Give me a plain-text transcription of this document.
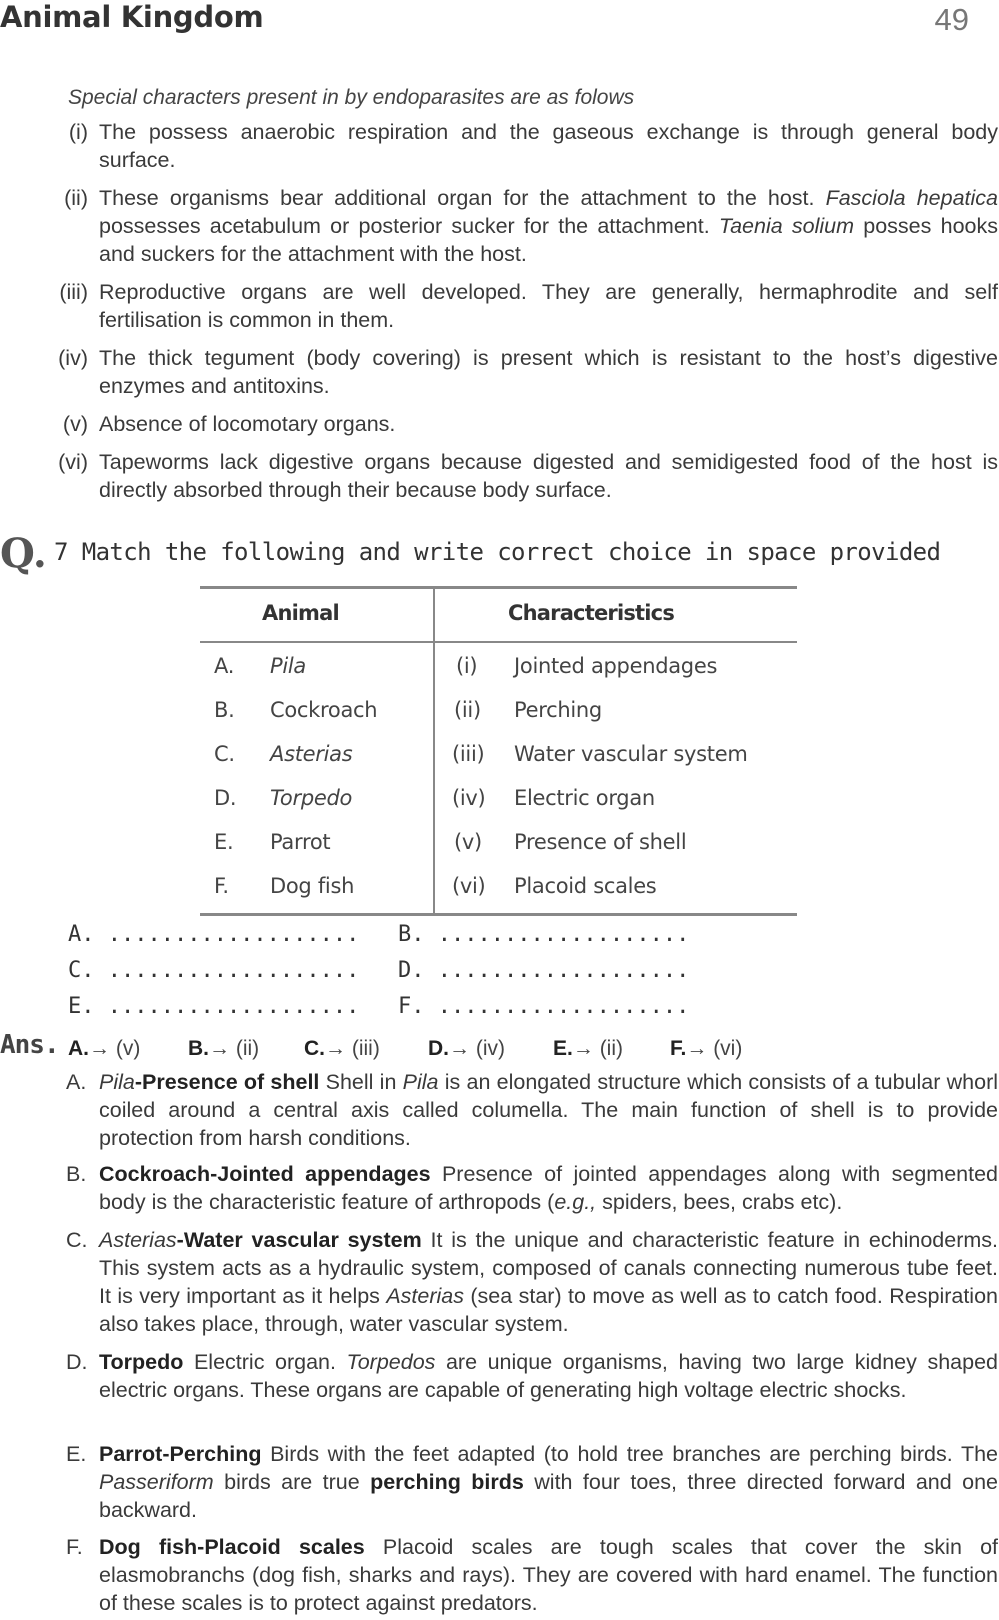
Animal Kingdom	49
Special characters present in by endoparasites are as folows
(i) The possess anaerobic respiration and the gaseous exchange is through general body surface.
(ii) These organisms bear additional organ for the attachment to the host. Fasciola hepatica possesses acetabulum or posterior sucker for the attachment. Taenia solium posses hooks and suckers for the attachment with the host.
(iii) Reproductive organs are well developed. They are generally, hermaphrodite and self fertilisation is common in them.
(iv) The thick tegument (body covering) is present which is resistant to the host’s digestive enzymes and antitoxins.
(v) Absence of locomotary organs.
(vi) Tapeworms lack digestive organs because digested and semidigested food of the host is directly absorbed through their because body surface.
Q. 7 Match the following and write correct choice in space provided
Animal	Characteristics
A. Pila	(i) Jointed appendages
B. Cockroach	(ii) Perching
C. Asterias	(iii) Water vascular system
D. Torpedo	(iv) Electric organ
E. Parrot	(v) Presence of shell
F. Dog fish	(vi) Placoid scales
A. ................... B. ...................
C. ................... D. ...................
E. ................... F. ...................
Ans. A.→ (v) B.→ (ii) C.→ (iii) D.→ (iv) E.→ (ii) F.→ (vi)
A. Pila-Presence of shell Shell in Pila is an elongated structure which consists of a tubular whorl coiled around a central axis called columella. The main function of shell is to provide protection from harsh conditions.
B. Cockroach-Jointed appendages Presence of jointed appendages along with segmented body is the characteristic feature of arthropods (e.g., spiders, bees, crabs etc).
C. Asterias-Water vascular system It is the unique and characteristic feature in echinoderms. This system acts as a hydraulic system, composed of canals connecting numerous tube feet. It is very important as it helps Asterias (sea star) to move as well as to catch food. Respiration also takes place, through, water vascular system.
D. Torpedo Electric organ. Torpedos are unique organisms, having two large kidney shaped electric organs. These organs are capable of generating high voltage electric shocks.
E. Parrot-Perching Birds with the feet adapted (to hold tree branches are perching birds. The Passeriform birds are true perching birds with four toes, three directed forward and one backward.
F. Dog fish-Placoid scales Placoid scales are tough scales that cover the skin of elasmobranchs (dog fish, sharks and rays). They are covered with hard enamel. The function of these scales is to protect against predators.
